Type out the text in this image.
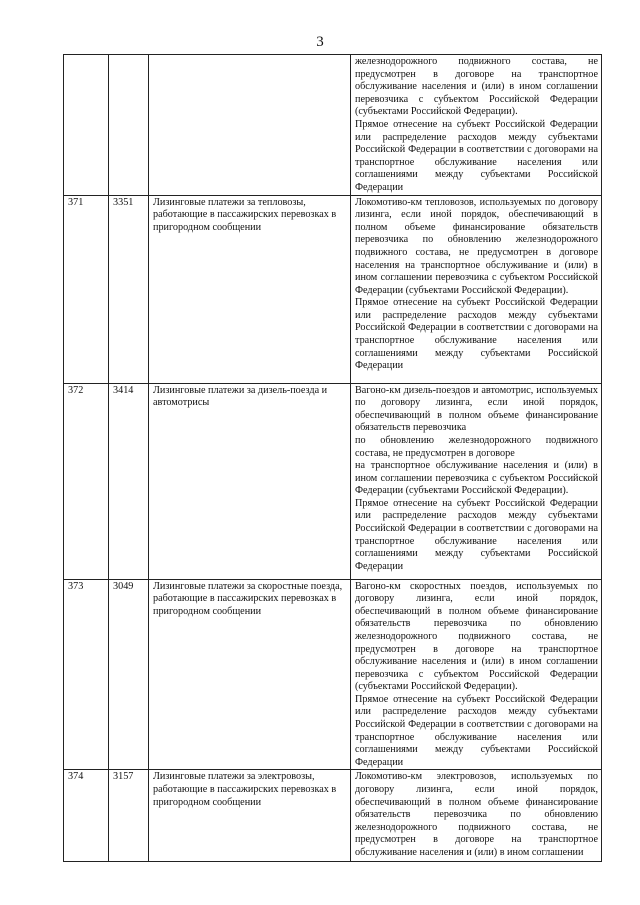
3

			железнодорожного подвижного состава, не предусмотрен в договоре на транспортное обслуживание населения и (или) в ином соглашении перевозчика с субъектом Российской Федерации (субъектами Российской Федерации).
Прямое отнесение на субъект Российской Федерации или распределение расходов между субъектами Российской Федерации в соответствии с договорами на транспортное обслуживание населения или соглашениями между субъектами Российской Федерации

371	3351	Лизинговые платежи за тепловозы, работающие в пассажирских перевозках в пригородном сообщении	Локомотиво-км тепловозов, используемых по договору лизинга, если иной порядок, обеспечивающий в полном объеме финансирование обязательств перевозчика по обновлению железнодорожного подвижного состава, не предусмотрен в договоре населения на транспортное обслуживание и (или) в ином соглашении перевозчика с субъектом Российской Федерации (субъектами Российской Федерации).
Прямое отнесение на субъект Российской Федерации или распределение расходов между субъектами Российской Федерации в соответствии с договорами на транспортное обслуживание населения или соглашениями между субъектами Российской Федерации

372	3414	Лизинговые платежи за дизель-поезда и автомотрисы	Вагоно-км дизель-поездов и автомотрис, используемых по договору лизинга, если иной порядок, обеспечивающий в полном объеме финансирование обязательств перевозчика
по обновлению железнодорожного подвижного состава, не предусмотрен в договоре
на транспортное обслуживание населения и (или) в ином соглашении перевозчика с субъектом Российской Федерации (субъектами Российской Федерации).
Прямое отнесение на субъект Российской Федерации или распределение расходов между субъектами Российской Федерации в соответствии с договорами на транспортное обслуживание населения или соглашениями между субъектами Российской Федерации

373	3049	Лизинговые платежи за скоростные поезда, работающие в пассажирских перевозках в пригородном сообщении	Вагоно-км скоростных поездов, используемых по договору лизинга, если иной порядок, обеспечивающий в полном объеме финансирование обязательств перевозчика по обновлению железнодорожного подвижного состава, не предусмотрен в договоре на транспортное обслуживание населения и (или) в ином соглашении перевозчика с субъектом Российской Федерации (субъектами Российской Федерации).
Прямое отнесение на субъект Российской Федерации или распределение расходов между субъектами Российской Федерации в соответствии с договорами на транспортное обслуживание населения или соглашениями между субъектами Российской Федерации

374	3157	Лизинговые платежи за электровозы, работающие в пассажирских перевозках в пригородном сообщении	Локомотиво-км электровозов, используемых по договору лизинга, если иной порядок, обеспечивающий в полном объеме финансирование обязательств перевозчика по обновлению железнодорожного подвижного состава, не предусмотрен в договоре на транспортное обслуживание населения и (или) в ином соглашении
